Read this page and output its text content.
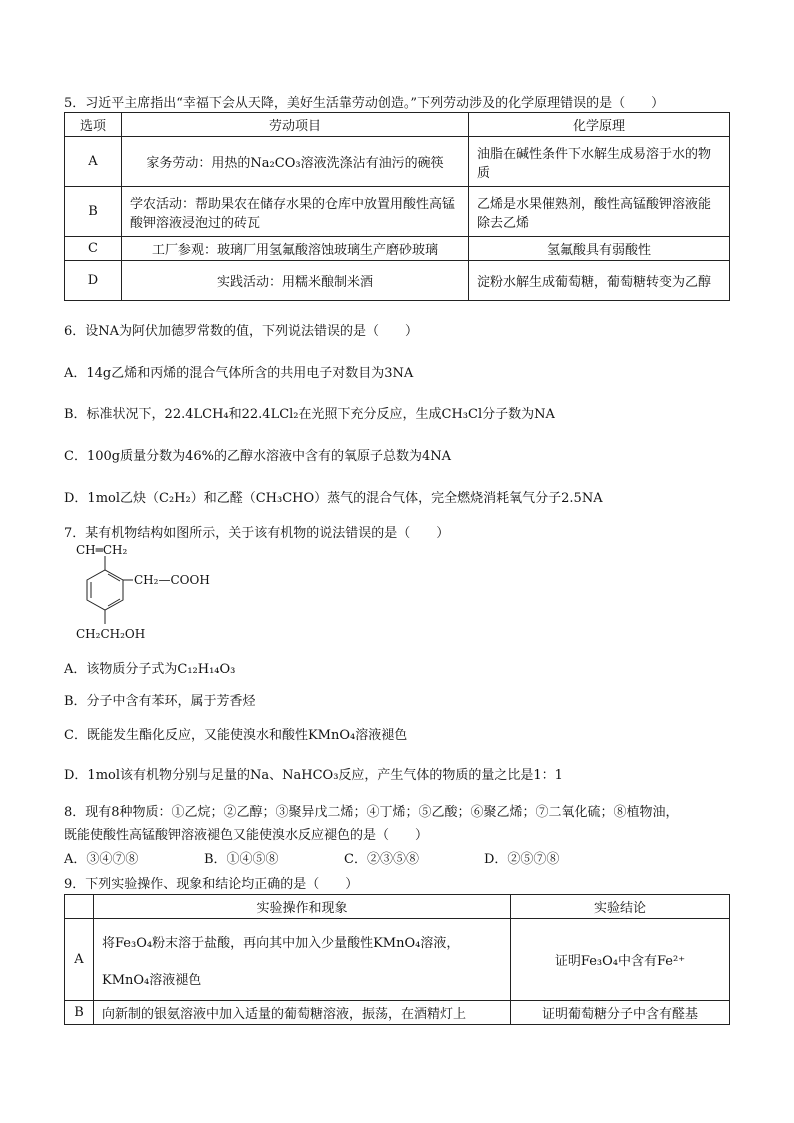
5．习近平主席指出“幸福下会从天降，美好生活靠劳动创造。”下列劳动涉及的化学原理错误的是（　　）
选项	劳动项目	化学原理
A	家务劳动：用热的Na₂CO₃溶液洗涤沾有油污的碗筷	油脂在碱性条件下水解生成易溶于水的物质
B	学农活动：帮助果农在储存水果的仓库中放置用酸性高锰酸钾溶液浸泡过的砖瓦	乙烯是水果催熟剂，酸性高锰酸钾溶液能除去乙烯
C	工厂参观：玻璃厂用氢氟酸溶蚀玻璃生产磨砂玻璃	氢氟酸具有弱酸性
D	实践活动：用糯米酿制米酒	淀粉水解生成葡萄糖，葡萄糖转变为乙醇
6．设NA为阿伏加德罗常数的值，下列说法错误的是（　　）
A．14g乙烯和丙烯的混合气体所含的共用电子对数目为3NA
B．标准状况下，22.4LCH₄和22.4LCl₂在光照下充分反应，生成CH₃Cl分子数为NA
C．100g质量分数为46%的乙醇水溶液中含有的氧原子总数为4NA
D．1mol乙炔（C₂H₂）和乙醛（CH₃CHO）蒸气的混合气体，完全燃烧消耗氧气分子2.5NA
7．某有机物结构如图所示，关于该有机物的说法错误的是（　　）
CH═CH₂
CH₂—COOH
CH₂CH₂OH
A．该物质分子式为C₁₂H₁₄O₃
B．分子中含有苯环，属于芳香烃
C．既能发生酯化反应，又能使溴水和酸性KMnO₄溶液褪色
D．1mol该有机物分别与足量的Na、NaHCO₃反应，产生气体的物质的量之比是1：1
8．现有8种物质：①乙烷；②乙醇；③聚异戊二烯；④丁烯；⑤乙酸；⑥聚乙烯；⑦二氧化硫；⑧植物油，
既能使酸性高锰酸钾溶液褪色又能使溴水反应褪色的是（　　）
A．③④⑦⑧	B．①④⑤⑧	C．②③⑤⑧	D．②⑤⑦⑧
9．下列实验操作、现象和结论均正确的是（　　）
	实验操作和现象	实验结论
A	将Fe₃O₄粉末溶于盐酸，再向其中加入少量酸性KMnO₄溶液，
KMnO₄溶液褪色	证明Fe₃O₄中含有Fe²⁺
B	向新制的银氨溶液中加入适量的葡萄糖溶液，振荡，在酒精灯上	证明葡萄糖分子中含有醛基
